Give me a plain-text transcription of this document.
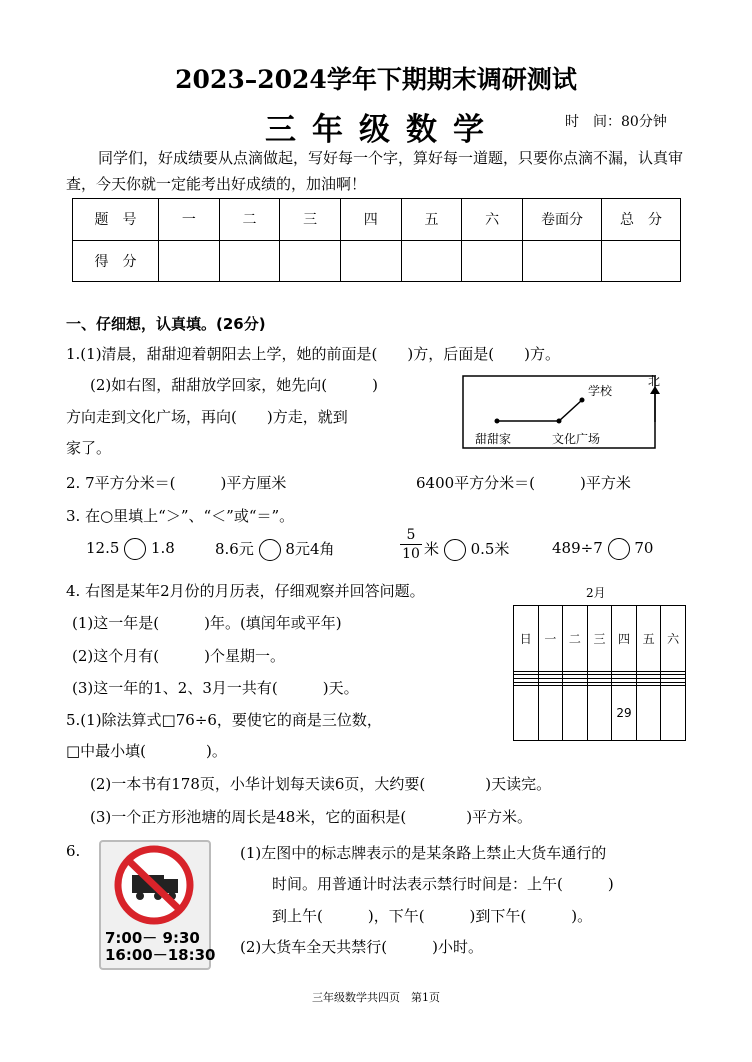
2023–2024学年下期期末调研测试
三年级数学	时　间：80分钟
同学们，好成绩要从点滴做起，写好每一个字，算好每一道题，只要你点滴不漏，认真审查，今天你就一定能考出好成绩的，加油啊！
题　号	一	二	三	四	五	六	卷面分	总　分
得　分								
一、仔细想，认真填。(26分)
1.(1)清晨，甜甜迎着朝阳去上学，她的前面是(　　)方，后面是(　　)方。
(2)如右图，甜甜放学回家，她先向(　　　)
方向走到文化广场，再向(　　)方走，就到
家了。
学校
北
甜甜家	文化广场
2. 7平方分米＝(　　　)平方厘米	6400平方分米＝(　　　)平方米
3. 在○里填上“＞”、“＜”或“＝”。
12.5 1.8	8.6元 8元4角
5
10 米 0.5米	489÷7 70
4. 右图是某年2月份的月历表，仔细观察并回答问题。
(1)这一年是(　　　)年。(填闰年或平年)
(2)这个月有(　　　)个星期一。
(3)这一年的1、2、3月一共有(　　　)天。
2月
日	一	二	三	四	五	六

				29		
5.(1)除法算式□76÷6，要使它的商是三位数，
□中最小填(　　　　)。
(2)一本书有178页，小华计划每天读6页，大约要(　　　　)天读完。
(3)一个正方形池塘的周长是48米，它的面积是(　　　　)平方米。
6.
7:00－ 9:30
16:00－18:30
(1)左图中的标志牌表示的是某条路上禁止大货车通行的
时间。用普通计时法表示禁行时间是：上午(　　　)
到上午(　　　)，下午(　　　)到下午(　　　)。
(2)大货车全天共禁行(　　　)小时。
三年级数学共四页　第1页
